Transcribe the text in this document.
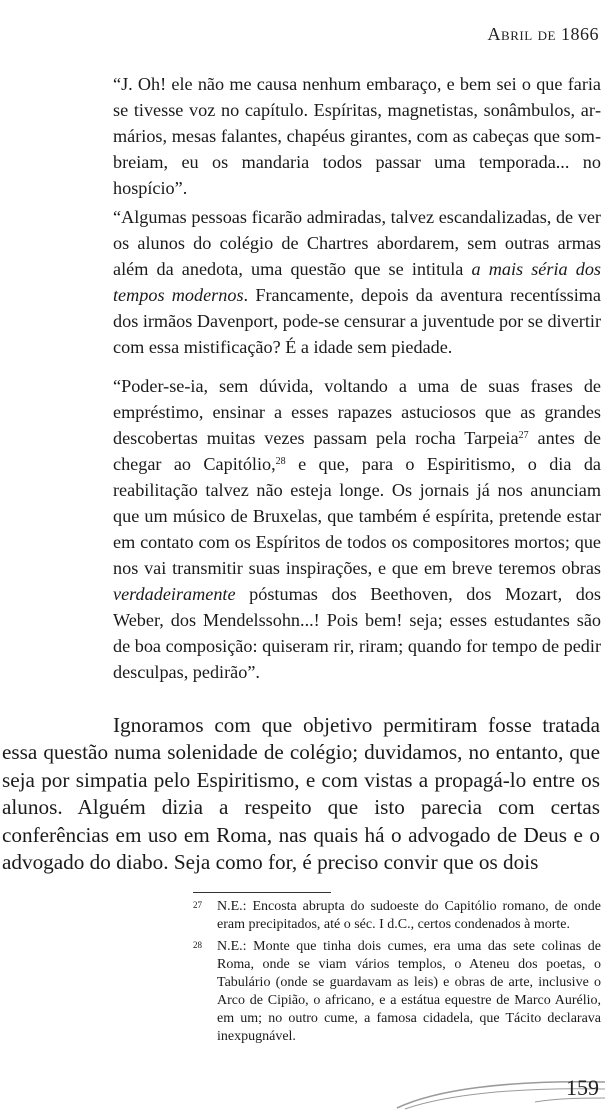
Abril de 1866

“J. Oh! ele não me causa nenhum embaraço, e bem sei o que faria se tivesse voz no capítulo. Espíritas, magnetistas, sonâmbulos, armários, mesas falantes, chapéus girantes, com as cabeças que sombreiam, eu os mandaria todos passar uma temporada... no hospício”.

“Algumas pessoas ficarão admiradas, talvez escandalizadas, de ver os alunos do colégio de Chartres abordarem, sem outras armas além da anedota, uma questão que se intitula a mais séria dos tempos modernos. Francamente, depois da aventura recentíssima dos irmãos Davenport, pode-se censurar a juventude por se divertir com essa mistificação? É a idade sem piedade.

“Poder-se-ia, sem dúvida, voltando a uma de suas frases de empréstimo, ensinar a esses rapazes astuciosos que as grandes descobertas muitas vezes passam pela rocha Tarpeia$^{27}$ antes de chegar ao Capitólio,$^{28}$ e que, para o Espiritismo, o dia da reabilitação talvez não esteja longe. Os jornais já nos anunciam que um músico de Bruxelas, que também é espírita, pretende estar em contato com os Espíritos de todos os compositores mortos; que nos vai transmitir suas inspirações, e que em breve teremos obras verdadeiramente póstumas dos Beethoven, dos Mozart, dos Weber, dos Mendelssohn...! Pois bem! seja; esses estudantes são de boa composição: quiseram rir, riram; quando for tempo de pedir desculpas, pedirão”.

Ignoramos com que objetivo permitiram fosse tratada essa questão numa solenidade de colégio; duvidamos, no entanto, que seja por simpatia pelo Espiritismo, e com vistas a propagá-lo entre os alunos. Alguém dizia a respeito que isto parecia com certas conferências em uso em Roma, nas quais há o advogado de Deus e o advogado do diabo. Seja como for, é preciso convir que os dois

27	N.E.: Encosta abrupta do sudoeste do Capitólio romano, de onde eram precipitados, até o séc. I d.C., certos condenados à morte.
28	N.E.: Monte que tinha dois cumes, era uma das sete colinas de Roma, onde se viam vários templos, o Ateneu dos poetas, o Tabulário (onde se guardavam as leis) e obras de arte, inclusive o Arco de Cipião, o africano, e a estátua equestre de Marco Aurélio, em um; no outro cume, a famosa cidadela, que Tácito declarava inexpugnável.
159
